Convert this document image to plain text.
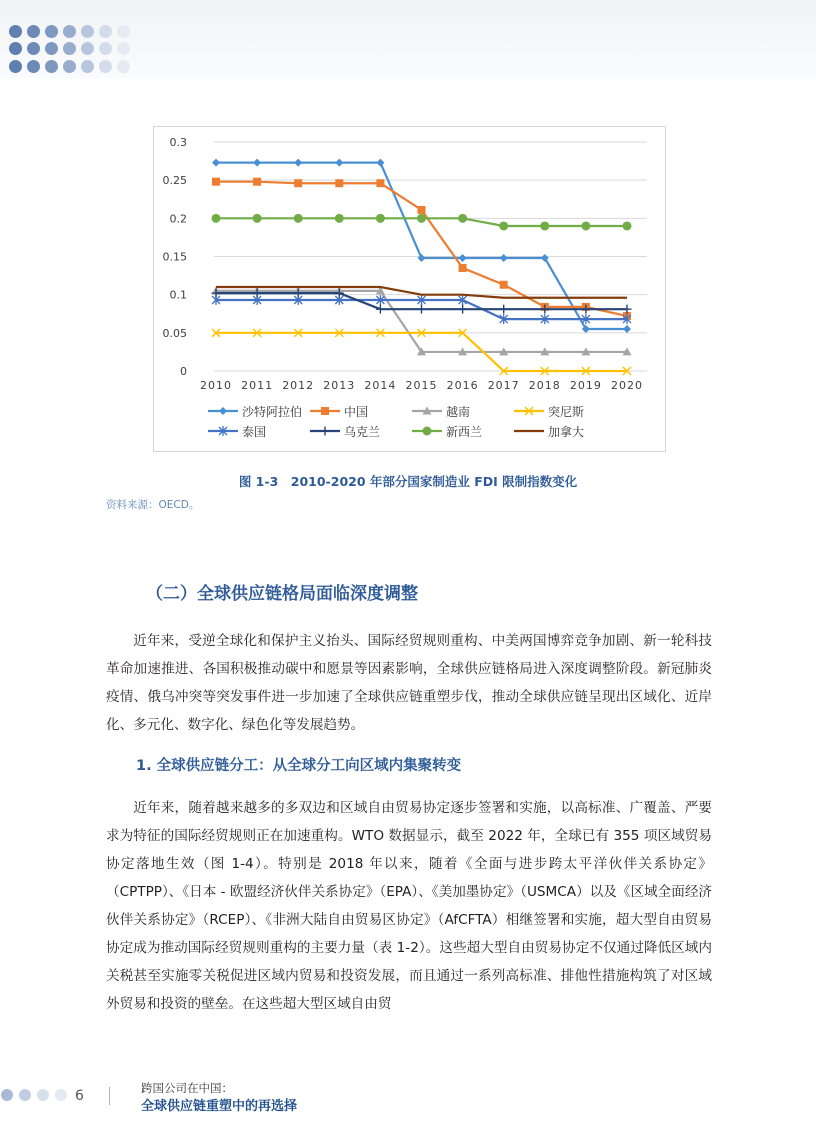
0
0.05
0.1
0.15
0.2
0.25
0.3
2010 2011 2012 2013 2014 2015 2016 2017 2018 2019 2020
沙特阿拉伯	中国	越南	突尼斯
泰国	乌克兰	新西兰	加拿大
图 1-3　2010-2020 年部分国家制造业 FDI 限制指数变化
资料来源：OECD。
（二）全球供应链格局面临深度调整
近年来，受逆全球化和保护主义抬头、国际经贸规则重构、中美两国博弈竞争加剧、新一轮科技革命加速推进、各国积极推动碳中和愿景等因素影响，全球供应链格局进入深度调整阶段。新冠肺炎疫情、俄乌冲突等突发事件进一步加速了全球供应链重塑步伐，推动全球供应链呈现出区域化、近岸化、多元化、数字化、绿色化等发展趋势。
1. 全球供应链分工：从全球分工向区域内集聚转变
近年来，随着越来越多的多双边和区域自由贸易协定逐步签署和实施，以高标准、广覆盖、严要求为特征的国际经贸规则正在加速重构。WTO 数据显示，截至 2022 年，全球已有 355 项区域贸易协定落地生效（图 1-4）。特别是 2018 年以来，随着《全面与进步跨太平洋伙伴关系协定》（CPTPP）、《日本 - 欧盟经济伙伴关系协定》（EPA）、《美加墨协定》（USMCA）以及《区域全面经济伙伴关系协定》（RCEP）、《非洲大陆自由贸易区协定》（AfCFTA）相继签署和实施，超大型自由贸易协定成为推动国际经贸规则重构的主要力量（表 1-2）。这些超大型自由贸易协定不仅通过降低区域内关税甚至实施零关税促进区域内贸易和投资发展，而且通过一系列高标准、排他性措施构筑了对区域外贸易和投资的壁垒。在这些超大型区域自由贸
6	跨国公司在中国：
全球供应链重塑中的再选择
